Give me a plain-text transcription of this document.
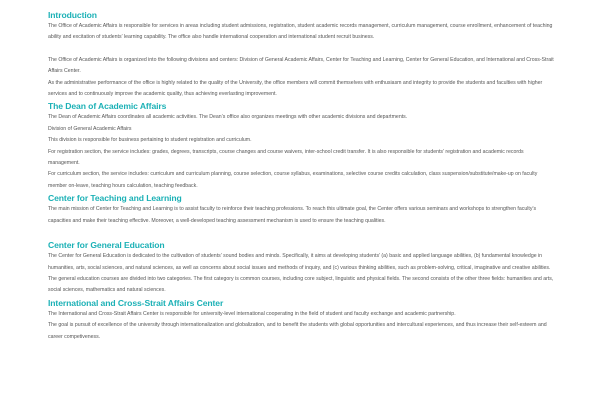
Introduction

The Office of Academic Affairs is responsible for services in areas including student admissions, registration, student academic records management, curriculum management, course enrollment, enhancement of teaching ability and excitation of students’ learning capability. The office also handle international cooperation and international student recruit business.

The Office of Academic Affairs is organized into the following divisions and centers: Division of General Academic Affairs, Center for Teaching and Learning, Center for General Education, and International and Cross-Strait Affairs Center.

As the administrative performance of the office is highly related to the quality of the University, the office members will commit themselves with enthusiasm and integrity to provide the students and faculties with higher services and to continuously improve the academic quality, thus achieving everlasting improvement.

The Dean of Academic Affairs

The Dean of Academic Affairs coordinates all academic activities. The Dean’s office also organizes meetings with other academic divisions and departments.

Division of General Academic Affairs

This division is responsible for business pertaining to student registration and curriculum.

For registration section, the service includes: grades, degrees, transcripts, course changes and course waivers, inter-school credit transfer. It is also responsible for students’ registration and academic records management.

For curriculum section, the service includes: curriculum and curriculum planning, course selection, course syllabus, examinations, selective course credits calculation, class suspension/substitute/make-up on faculty member on-leave, teaching hours calculation, teaching feedback.

Center for Teaching and Learning

The main mission of Center for Teaching and Learning is to assist faculty to reinforce their teaching professions. To reach this ultimate goal, the Center offers various seminars and workshops to strengthen faculty’s capacities and make their teaching effective. Moreover, a well-developed teaching assessment mechanism is used to ensure the teaching qualities.

Center for General Education

The Center for General Education is dedicated to the cultivation of students’ sound bodies and minds. Specifically, it aims at developing students’ (a) basic and applied language abilities, (b) fundamental knowledge in humanities, arts, social sciences, and natural sciences, as well as concerns about social issues and methods of inquiry, and (c) various thinking abilities, such as problem-solving, critical, imaginative and creative abilities.

The general education courses are divided into two categories. The first category is common courses, including core subject, linguistic and physical fields. The second consists of the other three fields: humanities and arts, social sciences, mathematics and natural sciences.

International and Cross-Strait Affairs Center

The International and Cross-Strait Affairs Center is responsible for university-level international cooperating in the field of student and faculty exchange and academic partnership.

The goal is pursuit of excellence of the university through internationalization and globalization, and to benefit the students with global opportunities and intercultural experiences, and thus increase their self-esteem and career competiveness.
